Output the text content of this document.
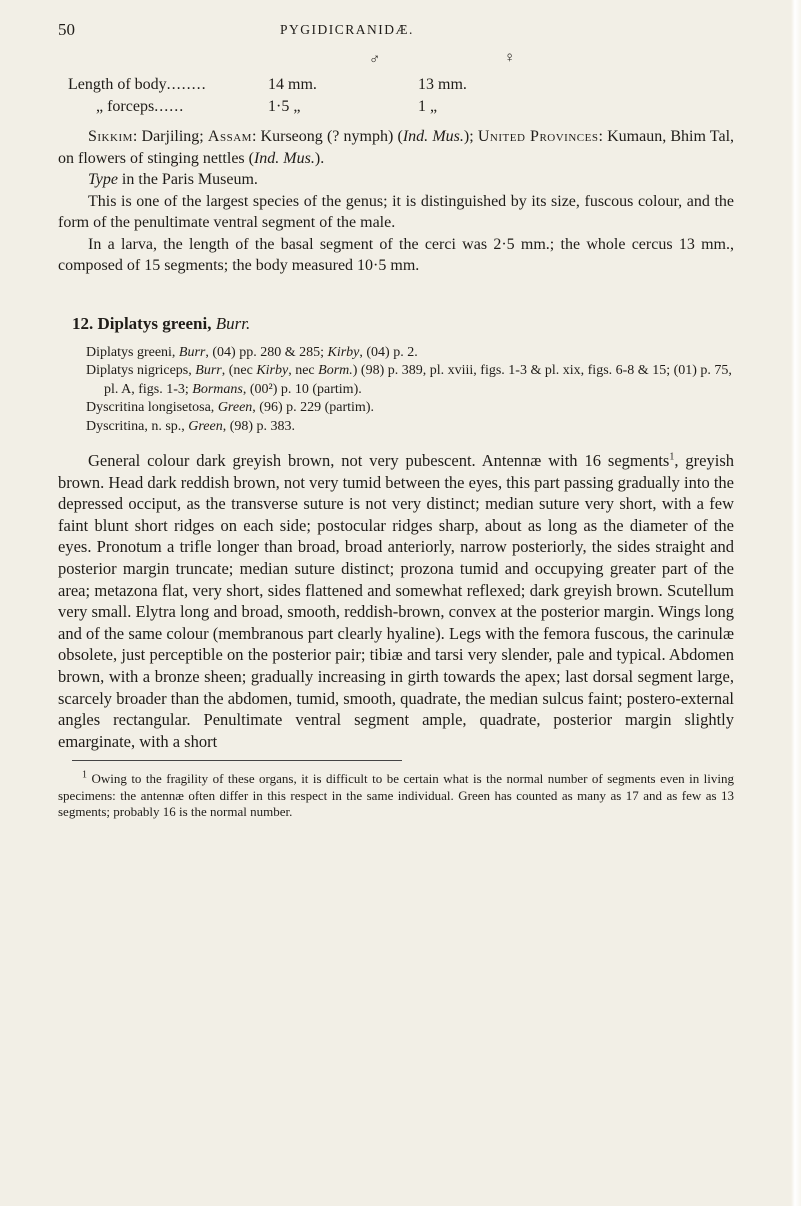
50	PYGIDICRANIDÆ.
♂	♀
Length of body........	14 mm.	13 mm.
„ forceps......	1·5 „	1 „

Sikkim: Darjiling; Assam: Kurseong (? nymph) (Ind. Mus.); United Provinces: Kumaun, Bhim Tal, on flowers of stinging nettles (Ind. Mus.).

Type in the Paris Museum.

This is one of the largest species of the genus; it is distinguished by its size, fuscous colour, and the form of the penultimate ventral segment of the male.

In a larva, the length of the basal segment of the cerci was 2·5 mm.; the whole cercus 13 mm., composed of 15 segments; the body measured 10·5 mm.

12. Diplatys greeni, Burr.
Diplatys greeni, Burr, (04) pp. 280 & 285; Kirby, (04) p. 2.
Diplatys nigriceps, Burr, (nec Kirby, nec Borm.) (98) p. 389, pl. xviii, figs. 1-3 & pl. xix, figs. 6-8 & 15; (01) p. 75, pl. A, figs. 1-3; Bormans, (00²) p. 10 (partim).
Dyscritina longisetosa, Green, (96) p. 229 (partim).
Dyscritina, n. sp., Green, (98) p. 383.

General colour dark greyish brown, not very pubescent. Antennæ with 16 segments$^1$, greyish brown. Head dark reddish brown, not very tumid between the eyes, this part passing gradually into the depressed occiput, as the transverse suture is not very distinct; median suture very short, with a few faint blunt short ridges on each side; postocular ridges sharp, about as long as the diameter of the eyes. Pronotum a trifle longer than broad, broad anteriorly, narrow posteriorly, the sides straight and posterior margin truncate; median suture distinct; prozona tumid and occupying greater part of the area; metazona flat, very short, sides flattened and somewhat reflexed; dark greyish brown. Scutellum very small. Elytra long and broad, smooth, reddish-brown, convex at the posterior margin. Wings long and of the same colour (membranous part clearly hyaline). Legs with the femora fuscous, the carinulæ obsolete, just perceptible on the posterior pair; tibiæ and tarsi very slender, pale and typical. Abdomen brown, with a bronze sheen; gradually increasing in girth towards the apex; last dorsal segment large, scarcely broader than the abdomen, tumid, smooth, quadrate, the median sulcus faint; postero-external angles rectangular. Penultimate ventral segment ample, quadrate, posterior margin slightly emarginate, with a short

$^1$ Owing to the fragility of these organs, it is difficult to be certain what is the normal number of segments even in living specimens: the antennæ often differ in this respect in the same individual. Green has counted as many as 17 and as few as 13 segments; probably 16 is the normal number.
